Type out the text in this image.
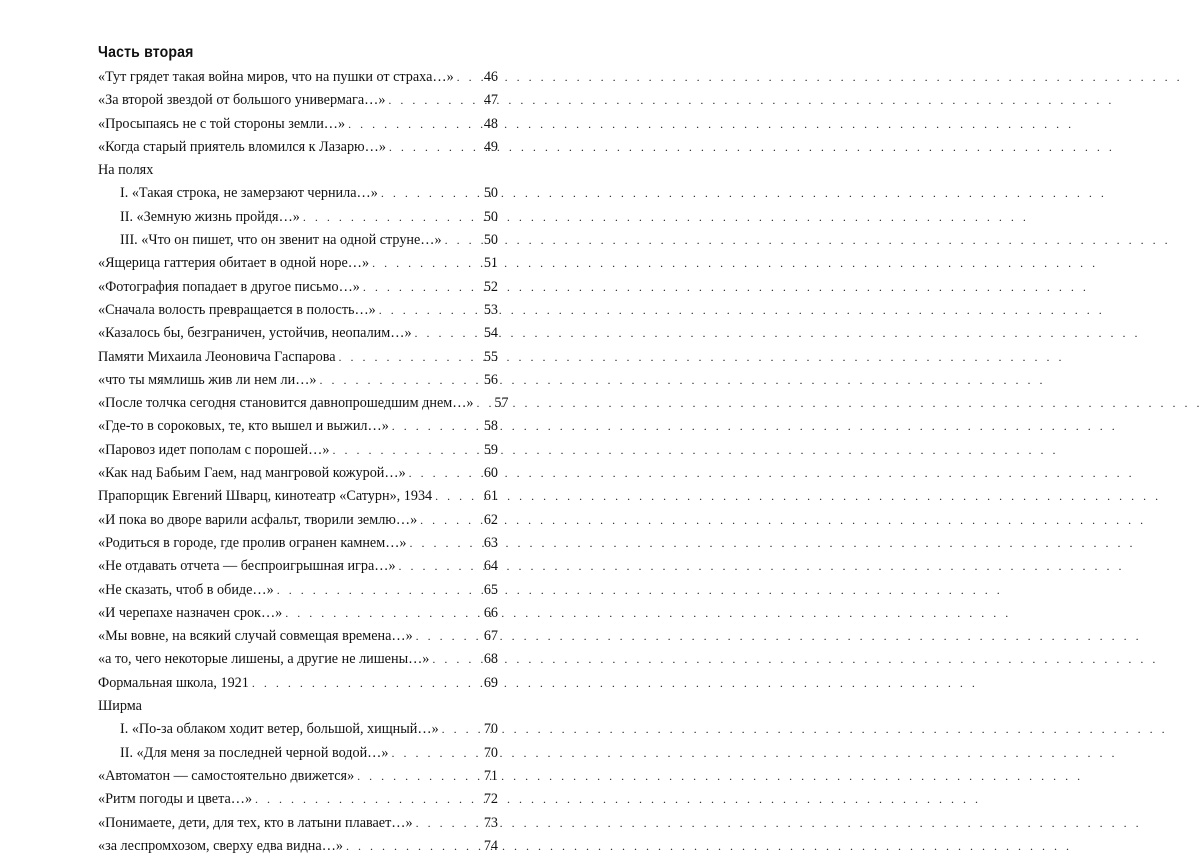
Часть вторая
«Тут грядет такая война миров, что на пушки от страха…» . . .	46
«За второй звездой от большого универмага…» . . .	47
«Просыпаясь не с той стороны земли…» . . .	48
«Когда старый приятель вломился к Лазарю…» . . .	49
На полях
I. «Такая строка, не замерзают чернила…» . . .	50
II. «Земную жизнь пройдя…» . . .	50
III. «Что он пишет, что он звенит на одной струне…» . . .	50
«Ящерица гаттерия обитает в одной норе…» . . .	51
«Фотография попадает в другое письмо…» . . .	52
«Сначала волость превращается в полость…» . . .	53
«Казалось бы, безграничен, устойчив, неопалим…» . . .	54
Памяти Михаила Леоновича Гаспарова . . .	55
«что ты мямлишь жив ли нем ли…» . . .	56
«После толчка сегодня становится давнопрошедшим днем…» . . .	57
«Где-то в сороковых, те, кто вышел и выжил…» . . .	58
«Паровоз идет пополам с порошей…» . . .	59
«Как над Бабьим Гаем, над мангровой кожурой…» . . .	60
Прапорщик Евгений Шварц, кинотеатр «Сатурн», 1934 . . .	61
«И пока во дворе варили асфальт, творили землю…» . . .	62
«Родиться в городе, где пролив огранен камнем…» . . .	63
«Не отдавать отчета — беспроигрышная игра…» . . .	64
«Не сказать, чтоб в обиде…» . . .	65
«И черепахе назначен срок…» . . .	66
«Мы вовне, на всякий случай совмещая времена…» . . .	67
«а то, чего некоторые лишены, а другие не лишены…» . . .	68
Формальная школа, 1921 . . .	69
Ширма
I. «По-за облаком ходит ветер, большой, хищный…» . . .	70
II. «Для меня за последней черной водой…» . . .	70
«Автоматон — самостоятельно движется» . . .	71
«Ритм погоды и цвета…» . . .	72
«Понимаете, дети, для тех, кто в латыни плавает…» . . .	73
«за леспромхозом, сверху едва видна…» . . .	74
